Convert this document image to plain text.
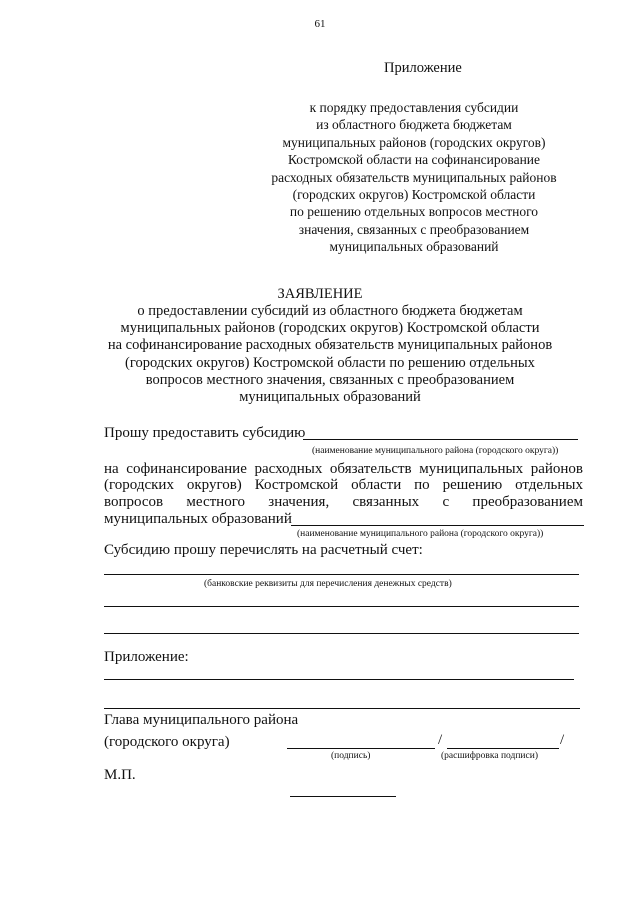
61
Приложение
к порядку предоставления субсидии
из областного бюджета бюджетам
муниципальных районов (городских округов)
Костромской области на софинансирование
расходных обязательств муниципальных районов
(городских округов) Костромской области
по решению отдельных вопросов местного
значения, связанных с преобразованием
муниципальных образований
ЗАЯВЛЕНИЕ
о предоставлении субсидий из областного бюджета бюджетам
муниципальных районов (городских округов) Костромской области
на софинансирование расходных обязательств муниципальных районов
(городских округов) Костромской области по решению отдельных
вопросов местного значения, связанных с преобразованием
муниципальных образований
Прошу предоставить субсидию
(наименование муниципального района (городского округа))
на софинансирование расходных обязательств муниципальных районов
(городских округов) Костромской области по решению отдельных
вопросов местного значения, связанных с преобразованием
муниципальных образований
(наименование муниципального района (городского округа))
Субсидию прошу перечислять на расчетный счет:
(банковские реквизиты для перечисления денежных средств)
Приложение:
Глава муниципального района
(городского округа)	/	/
(подпись)	(расшифровка подписи)
М.П.
